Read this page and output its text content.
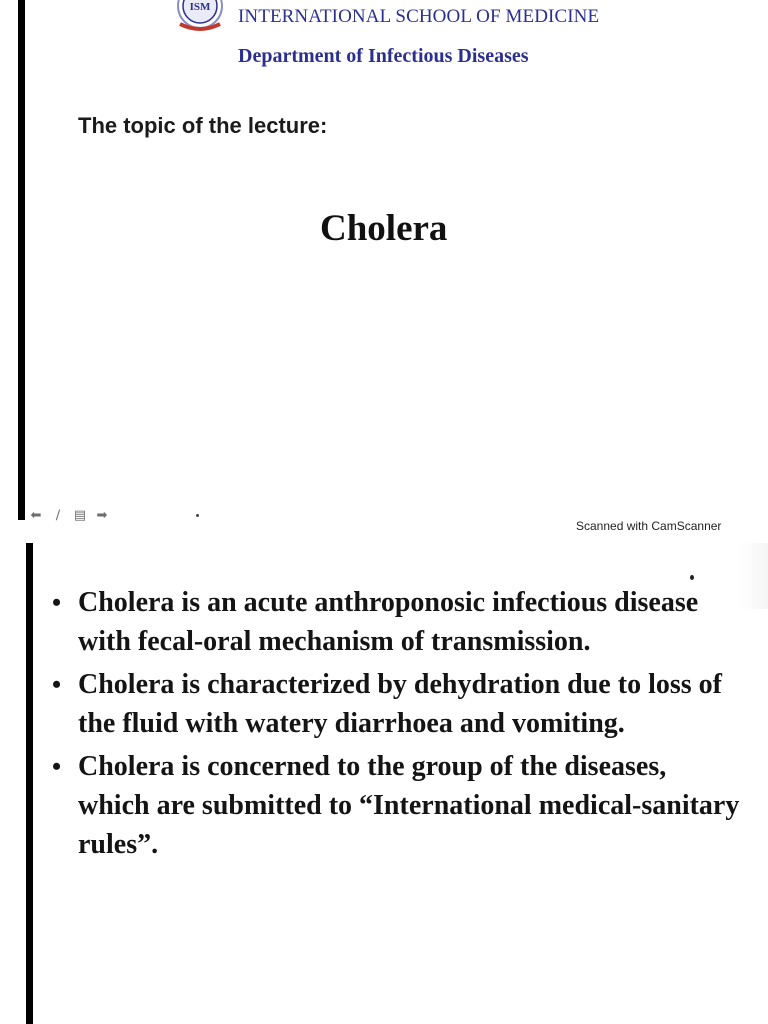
ISM INTERNATIONAL SCHOOL OF MEDICINE
Department of Infectious Diseases
The topic of the lecture:
Cholera
⬅	∕	▤ ➡
Scanned with CamScanner
• Cholera is an acute anthroponosic infectious disease with fecal-oral mechanism of transmission.
• Cholera is characterized by dehydration due to loss of the fluid with watery diarrhoea and vomiting.
• Cholera is concerned to the group of the diseases, which are submitted to “International medical-sanitary rules”.
